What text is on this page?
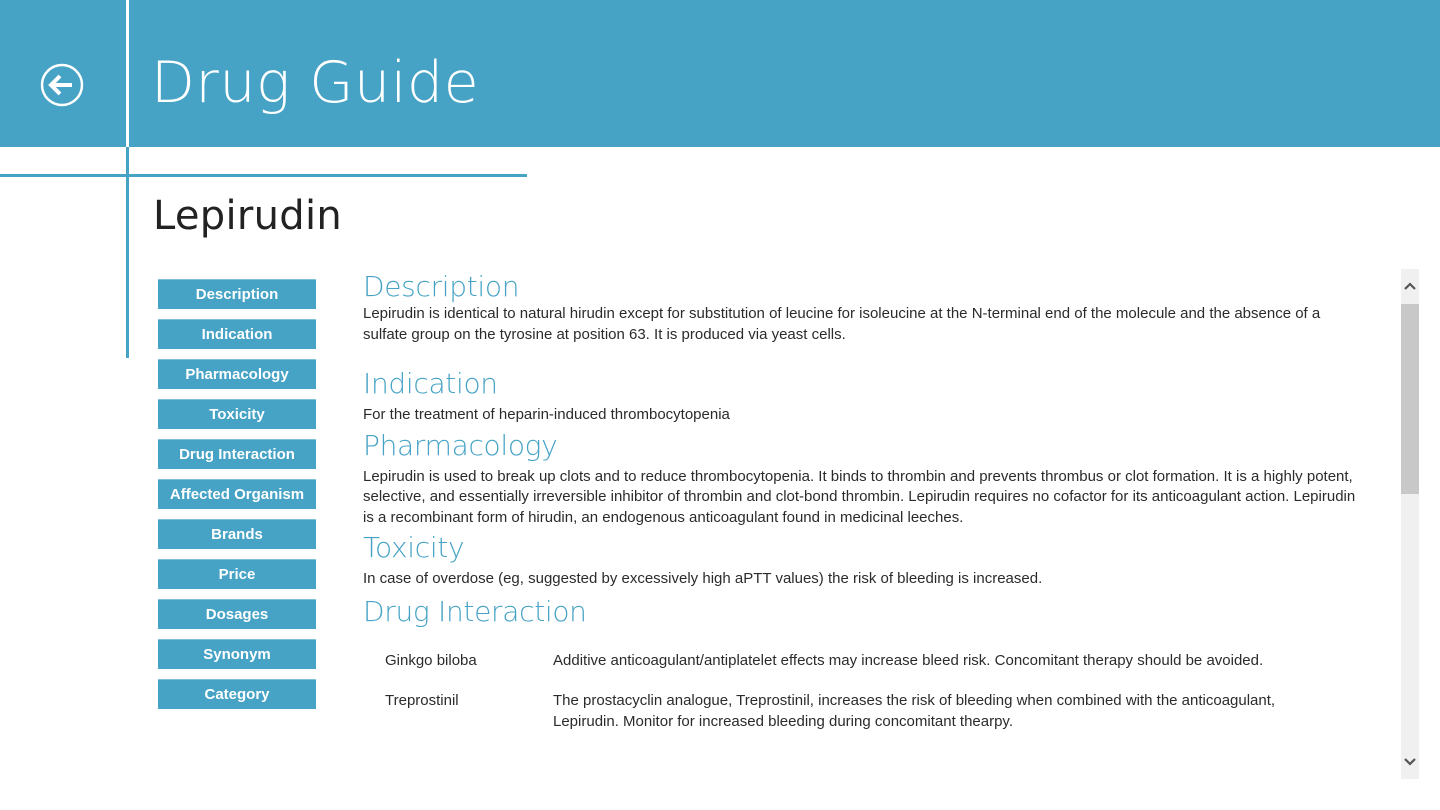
Drug Guide
Lepirudin
Description
Indication
Pharmacology
Toxicity
Drug Interaction
Affected Organism
Brands
Price
Dosages
Synonym
Category
Description

Lepirudin is identical to natural hirudin except for substitution of leucine for isoleucine at the N-terminal end of the molecule and the absence of a sulfate group on the tyrosine at position 63. It is produced via yeast cells.

Indication

For the treatment of heparin-induced thrombocytopenia

Pharmacology

Lepirudin is used to break up clots and to reduce thrombocytopenia. It binds to thrombin and prevents thrombus or clot formation. It is a highly potent, selective, and essentially irreversible inhibitor of thrombin and clot-bond thrombin. Lepirudin requires no cofactor for its anticoagulant action. Lepirudin is a recombinant form of hirudin, an endogenous anticoagulant found in medicinal leeches.

Toxicity

In case of overdose (eg, suggested by excessively high aPTT values) the risk of bleeding is increased.

Drug Interaction
Ginkgo biloba	Additive anticoagulant/antiplatelet effects may increase bleed risk. Concomitant therapy should be avoided.
Treprostinil	The prostacyclin analogue, Treprostinil, increases the risk of bleeding when combined with the anticoagulant, Lepirudin. Monitor for increased bleeding during concomitant thearpy.
